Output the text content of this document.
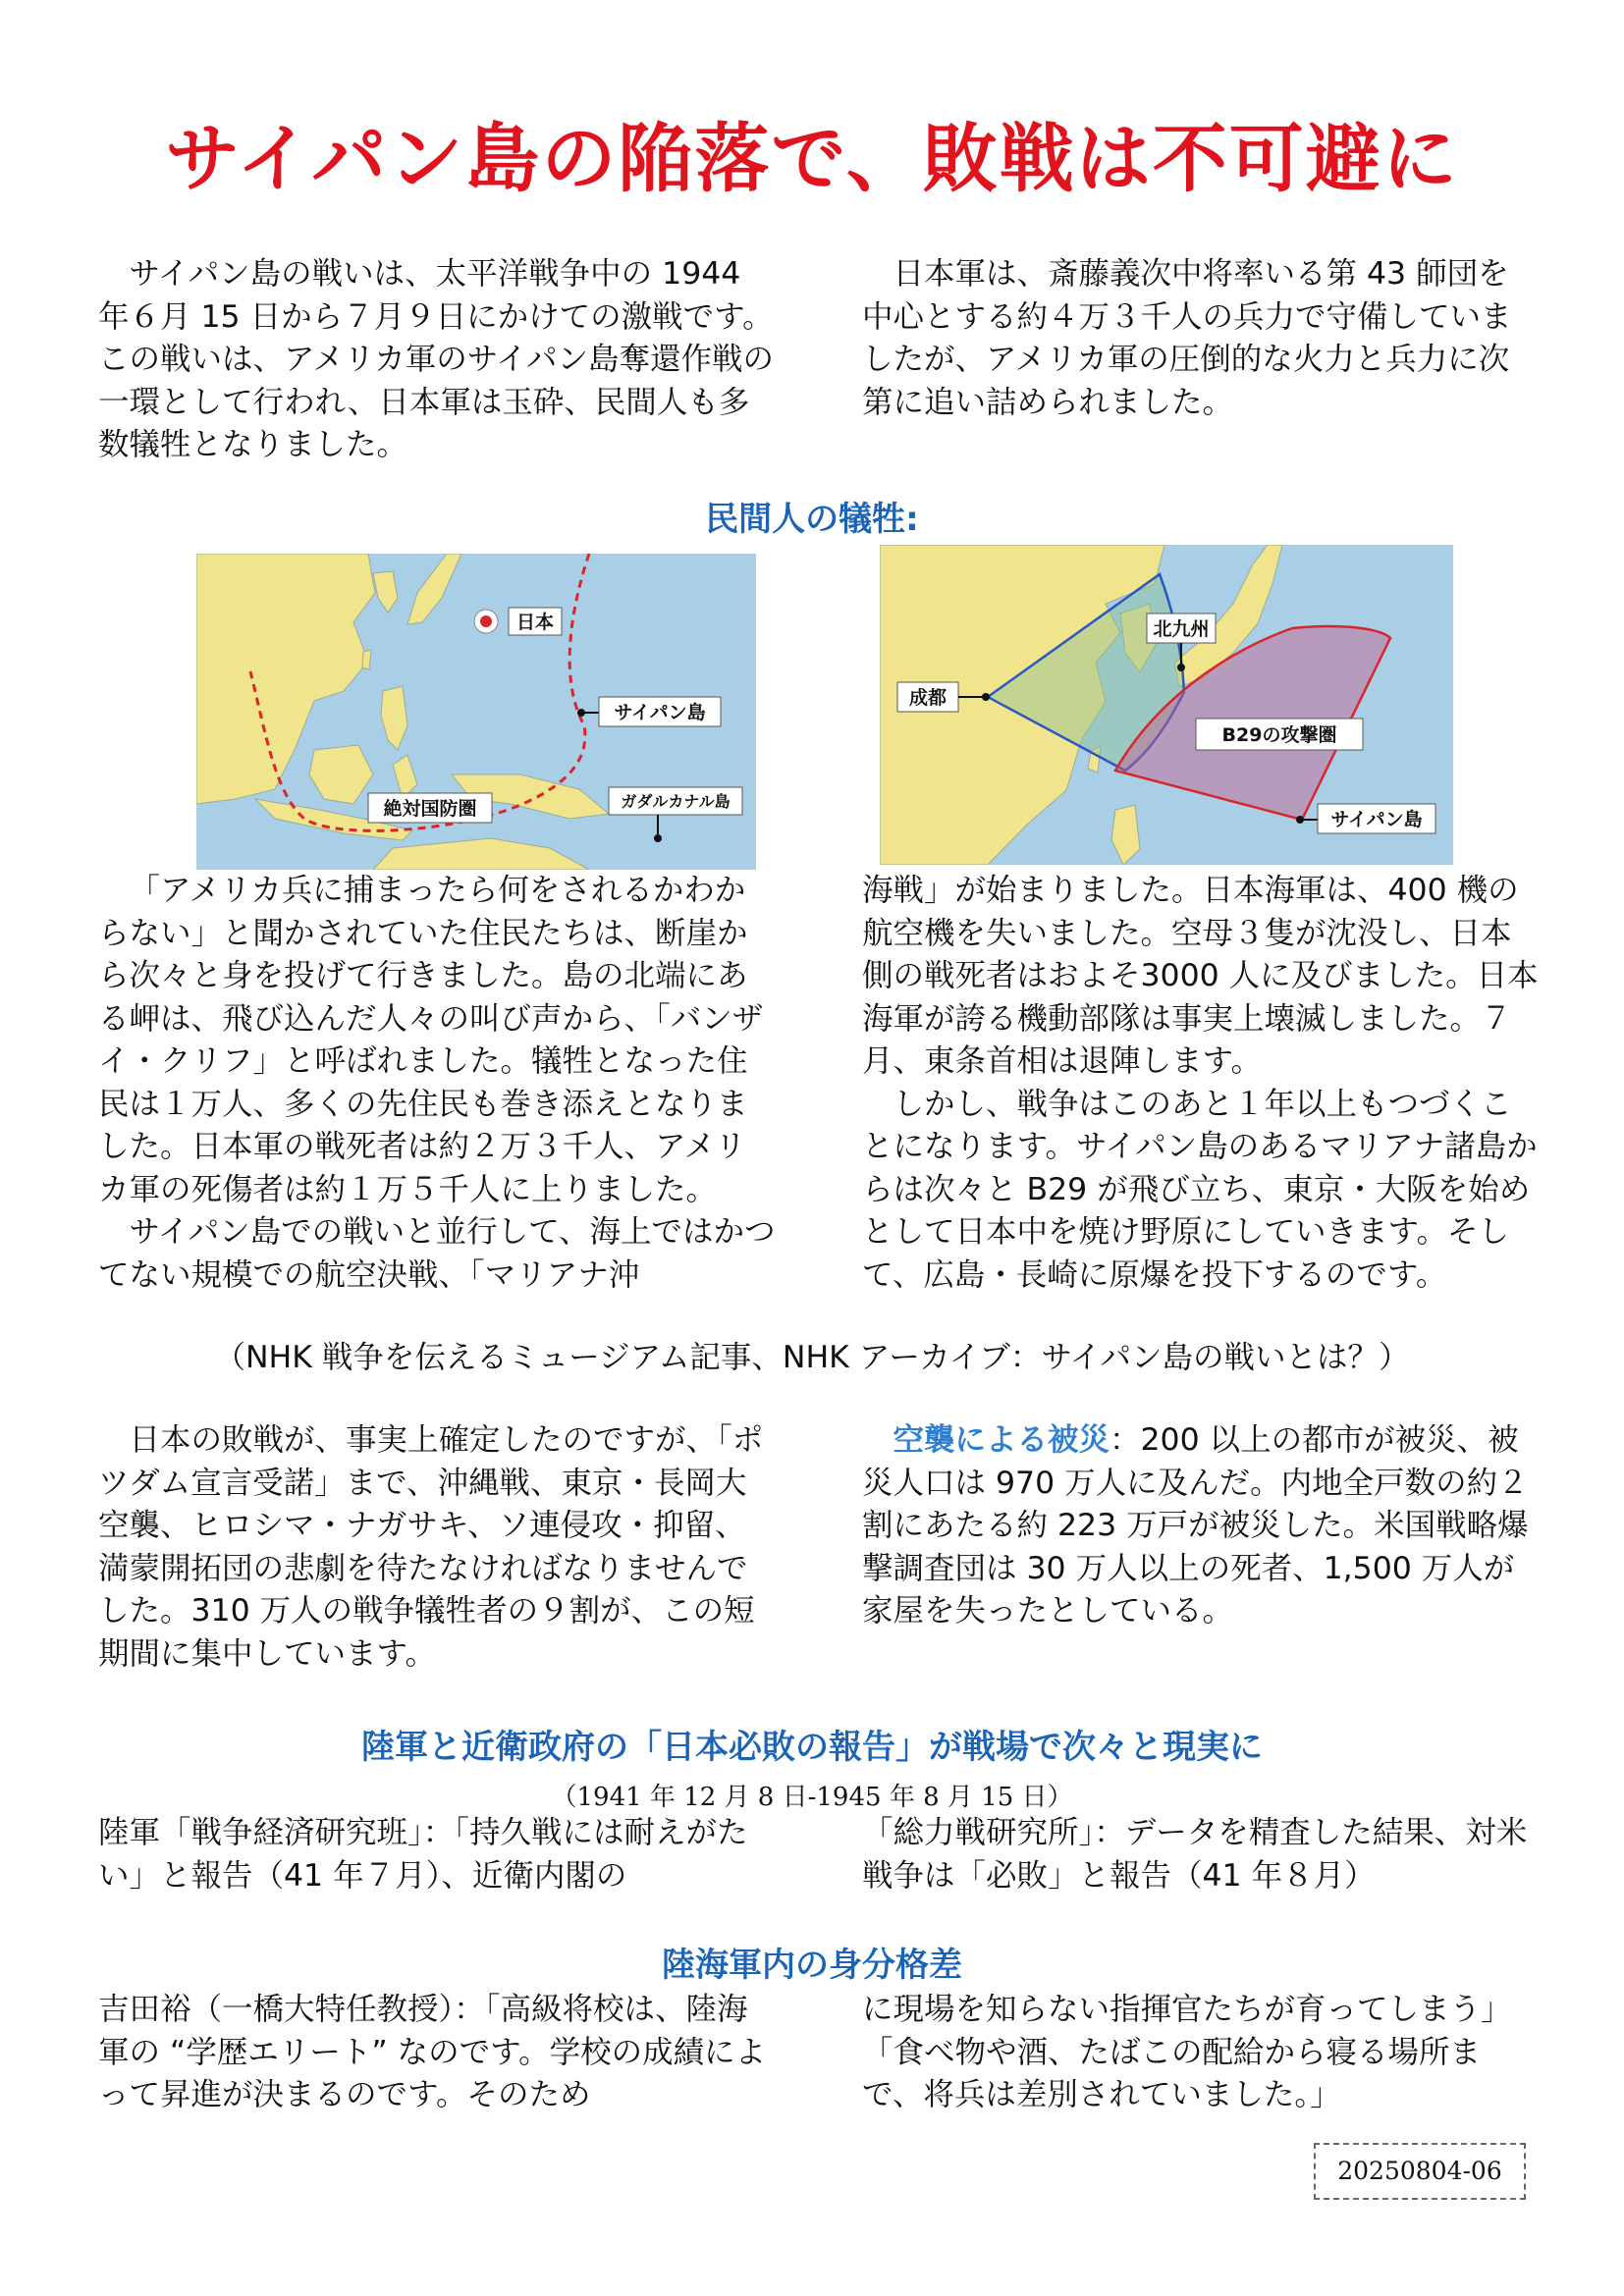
サイパン島の陥落で、敗戦は不可避に
サイパン島の戦いは、太平洋戦争中の 1944 年６月 15 日から７月９日にかけての激戦です。この戦いは、アメリカ軍のサイパン島奪還作戦の一環として行われ、日本軍は玉砕、民間人も多数犠牲となりました。
日本軍は、斎藤義次中将率いる第 43 師団を中心とする約４万３千人の兵力で守備していましたが、アメリカ軍の圧倒的な火力と兵力に次第に追い詰められました。
民間人の犠牲:
日本
サイパン島
絶対国防圏	ガダルカナル島
北九州
成都
B29の攻撃圏
サイパン島

「アメリカ兵に捕まったら何をされるかわからない」と聞かされていた住民たちは、断崖から次々と身を投げて行きました。島の北端にある岬は、飛び込んだ人々の叫び声から、「バンザイ・クリフ」と呼ばれました。犠牲となった住民は１万人、多くの先住民も巻き添えとなりました。日本軍の戦死者は約２万３千人、アメリカ軍の死傷者は約１万５千人に上りました。

サイパン島での戦いと並行して、海上ではかつてない規模での航空決戦、「マリアナ沖

海戦」が始まりました。日本海軍は、400 機の航空機を失いました。空母３隻が沈没し、日本側の戦死者はおよそ3000 人に及びました。日本海軍が誇る機動部隊は事実上壊滅しました。７月、東条首相は退陣します。

しかし、戦争はこのあと１年以上もつづくことになります。サイパン島のあるマリアナ諸島からは次々と B29 が飛び立ち、東京・大阪を始めとして日本中を焼け野原にしていきます。そして、広島・長崎に原爆を投下するのです。

（NHK 戦争を伝えるミュージアム記事、NHK アーカイブ：サイパン島の戦いとは？）
日本の敗戦が、事実上確定したのですが、「ポツダム宣言受諾」まで、沖縄戦、東京・長岡大空襲、ヒロシマ・ナガサキ、ソ連侵攻・抑留、満蒙開拓団の悲劇を待たなければなりませんでした。310 万人の戦争犠牲者の９割が、この短期間に集中しています。
空襲による被災：200 以上の都市が被災、被災人口は 970 万人に及んだ。内地全戸数の約２割にあたる約 223 万戸が被災した。米国戦略爆撃調査団は 30 万人以上の死者、1,500 万人が家屋を失ったとしている。
陸軍と近衛政府の「日本必敗の報告」が戦場で次々と現実に
（1941 年 12 月 8 日-1945 年 8 月 15 日）
陸軍「戦争経済研究班」：「持久戦には耐えがたい」と報告（41 年７月）、近衛内閣の
「総力戦研究所」：データを精査した結果、対米戦争は「必敗」と報告（41 年８月）
陸海軍内の身分格差
吉田裕（一橋大特任教授）：「高級将校は、陸海軍の “学歴エリート” なのです。学校の成績によって昇進が決まるのです。そのため
に現場を知らない指揮官たちが育ってしまう」「食べ物や酒、たばこの配給から寝る場所まで、将兵は差別されていました。」
20250804-06
